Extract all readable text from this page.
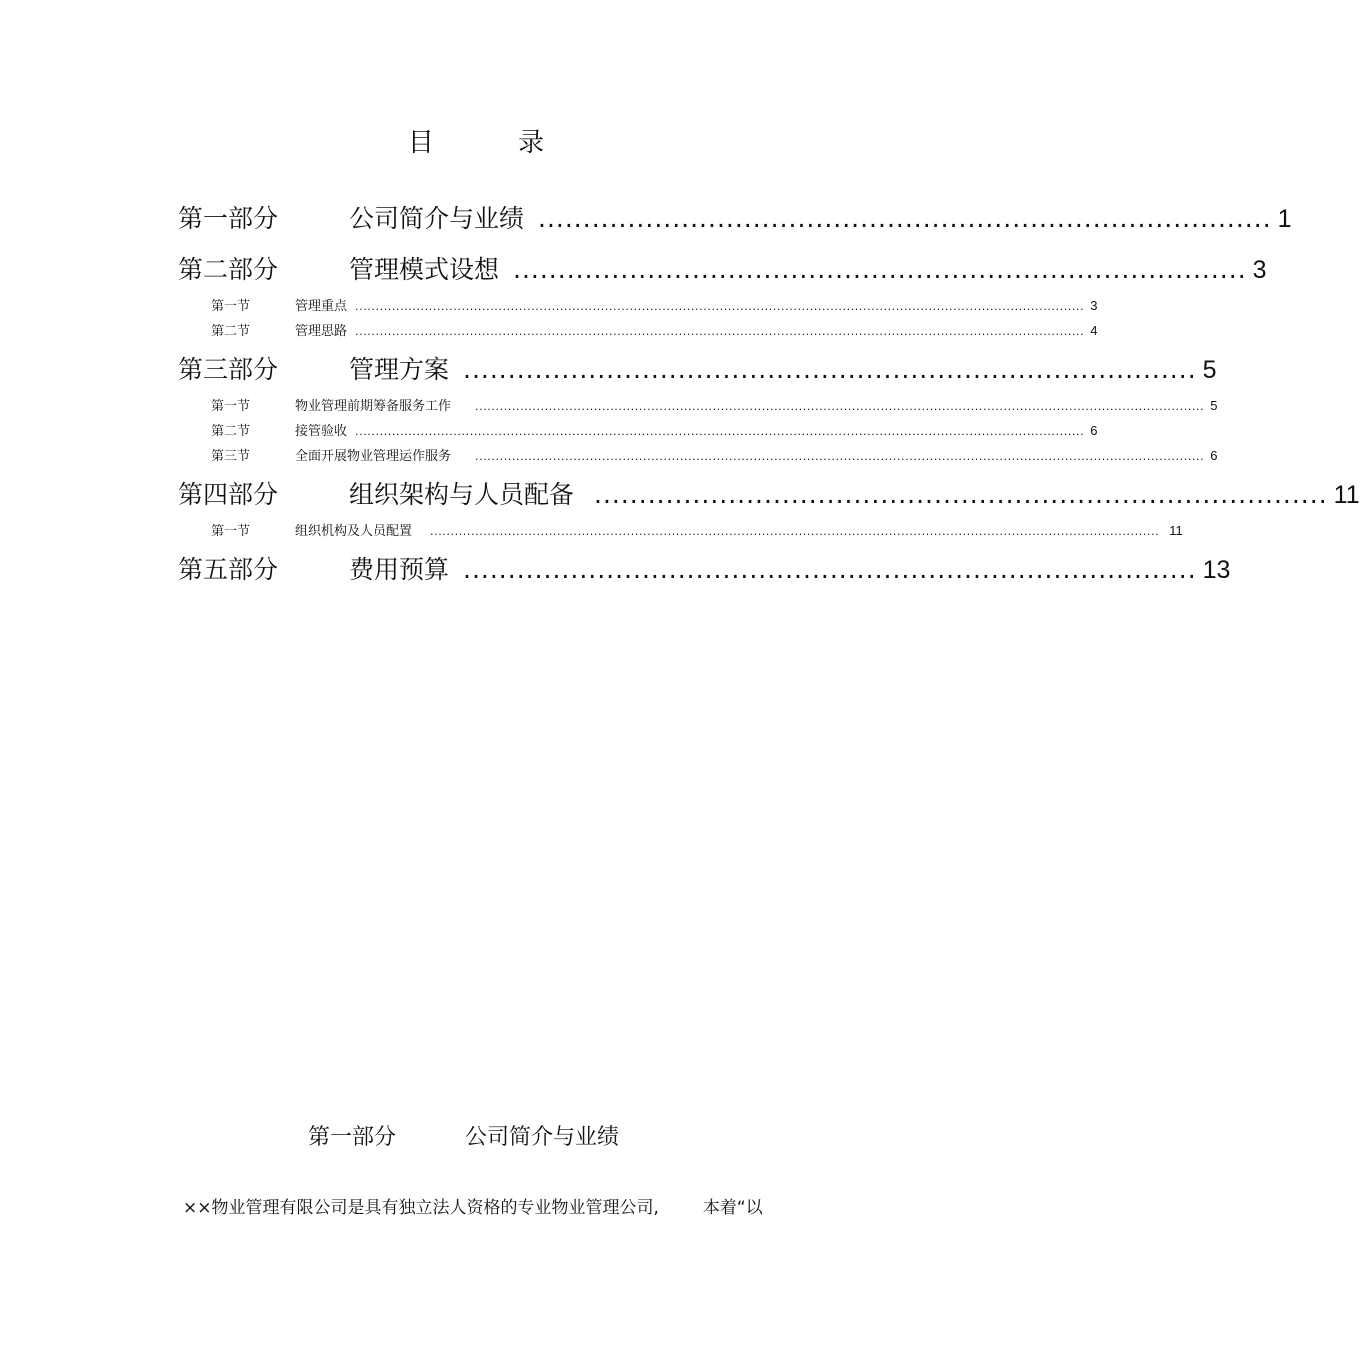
目 录
第一部分	公司简介与业绩 .................................................................................. 1
第二部分	管理模式设想 .................................................................................. 3
第一节	管理重点 .................................................................................................................................................................................. 3
第二节	管理思路 .................................................................................................................................................................................. 4
第三部分	管理方案 .................................................................................. 5
第一节	物业管理前期筹备服务工作	.................................................................................................................................................................................. 5
第二节	接管验收 .................................................................................................................................................................................. 6
第三节	全面开展物业管理运作服务	.................................................................................................................................................................................. 6
第四部分	组织架构与人员配备 .................................................................................. 11
第一节	组织机构及人员配置	.................................................................................................................................................................................. 11
第五部分	费用预算 .................................................................................. 13
第一部分	公司简介与业绩
××物业管理有限公司是具有独立法人资格的专业物业管理公司,	本着“以
